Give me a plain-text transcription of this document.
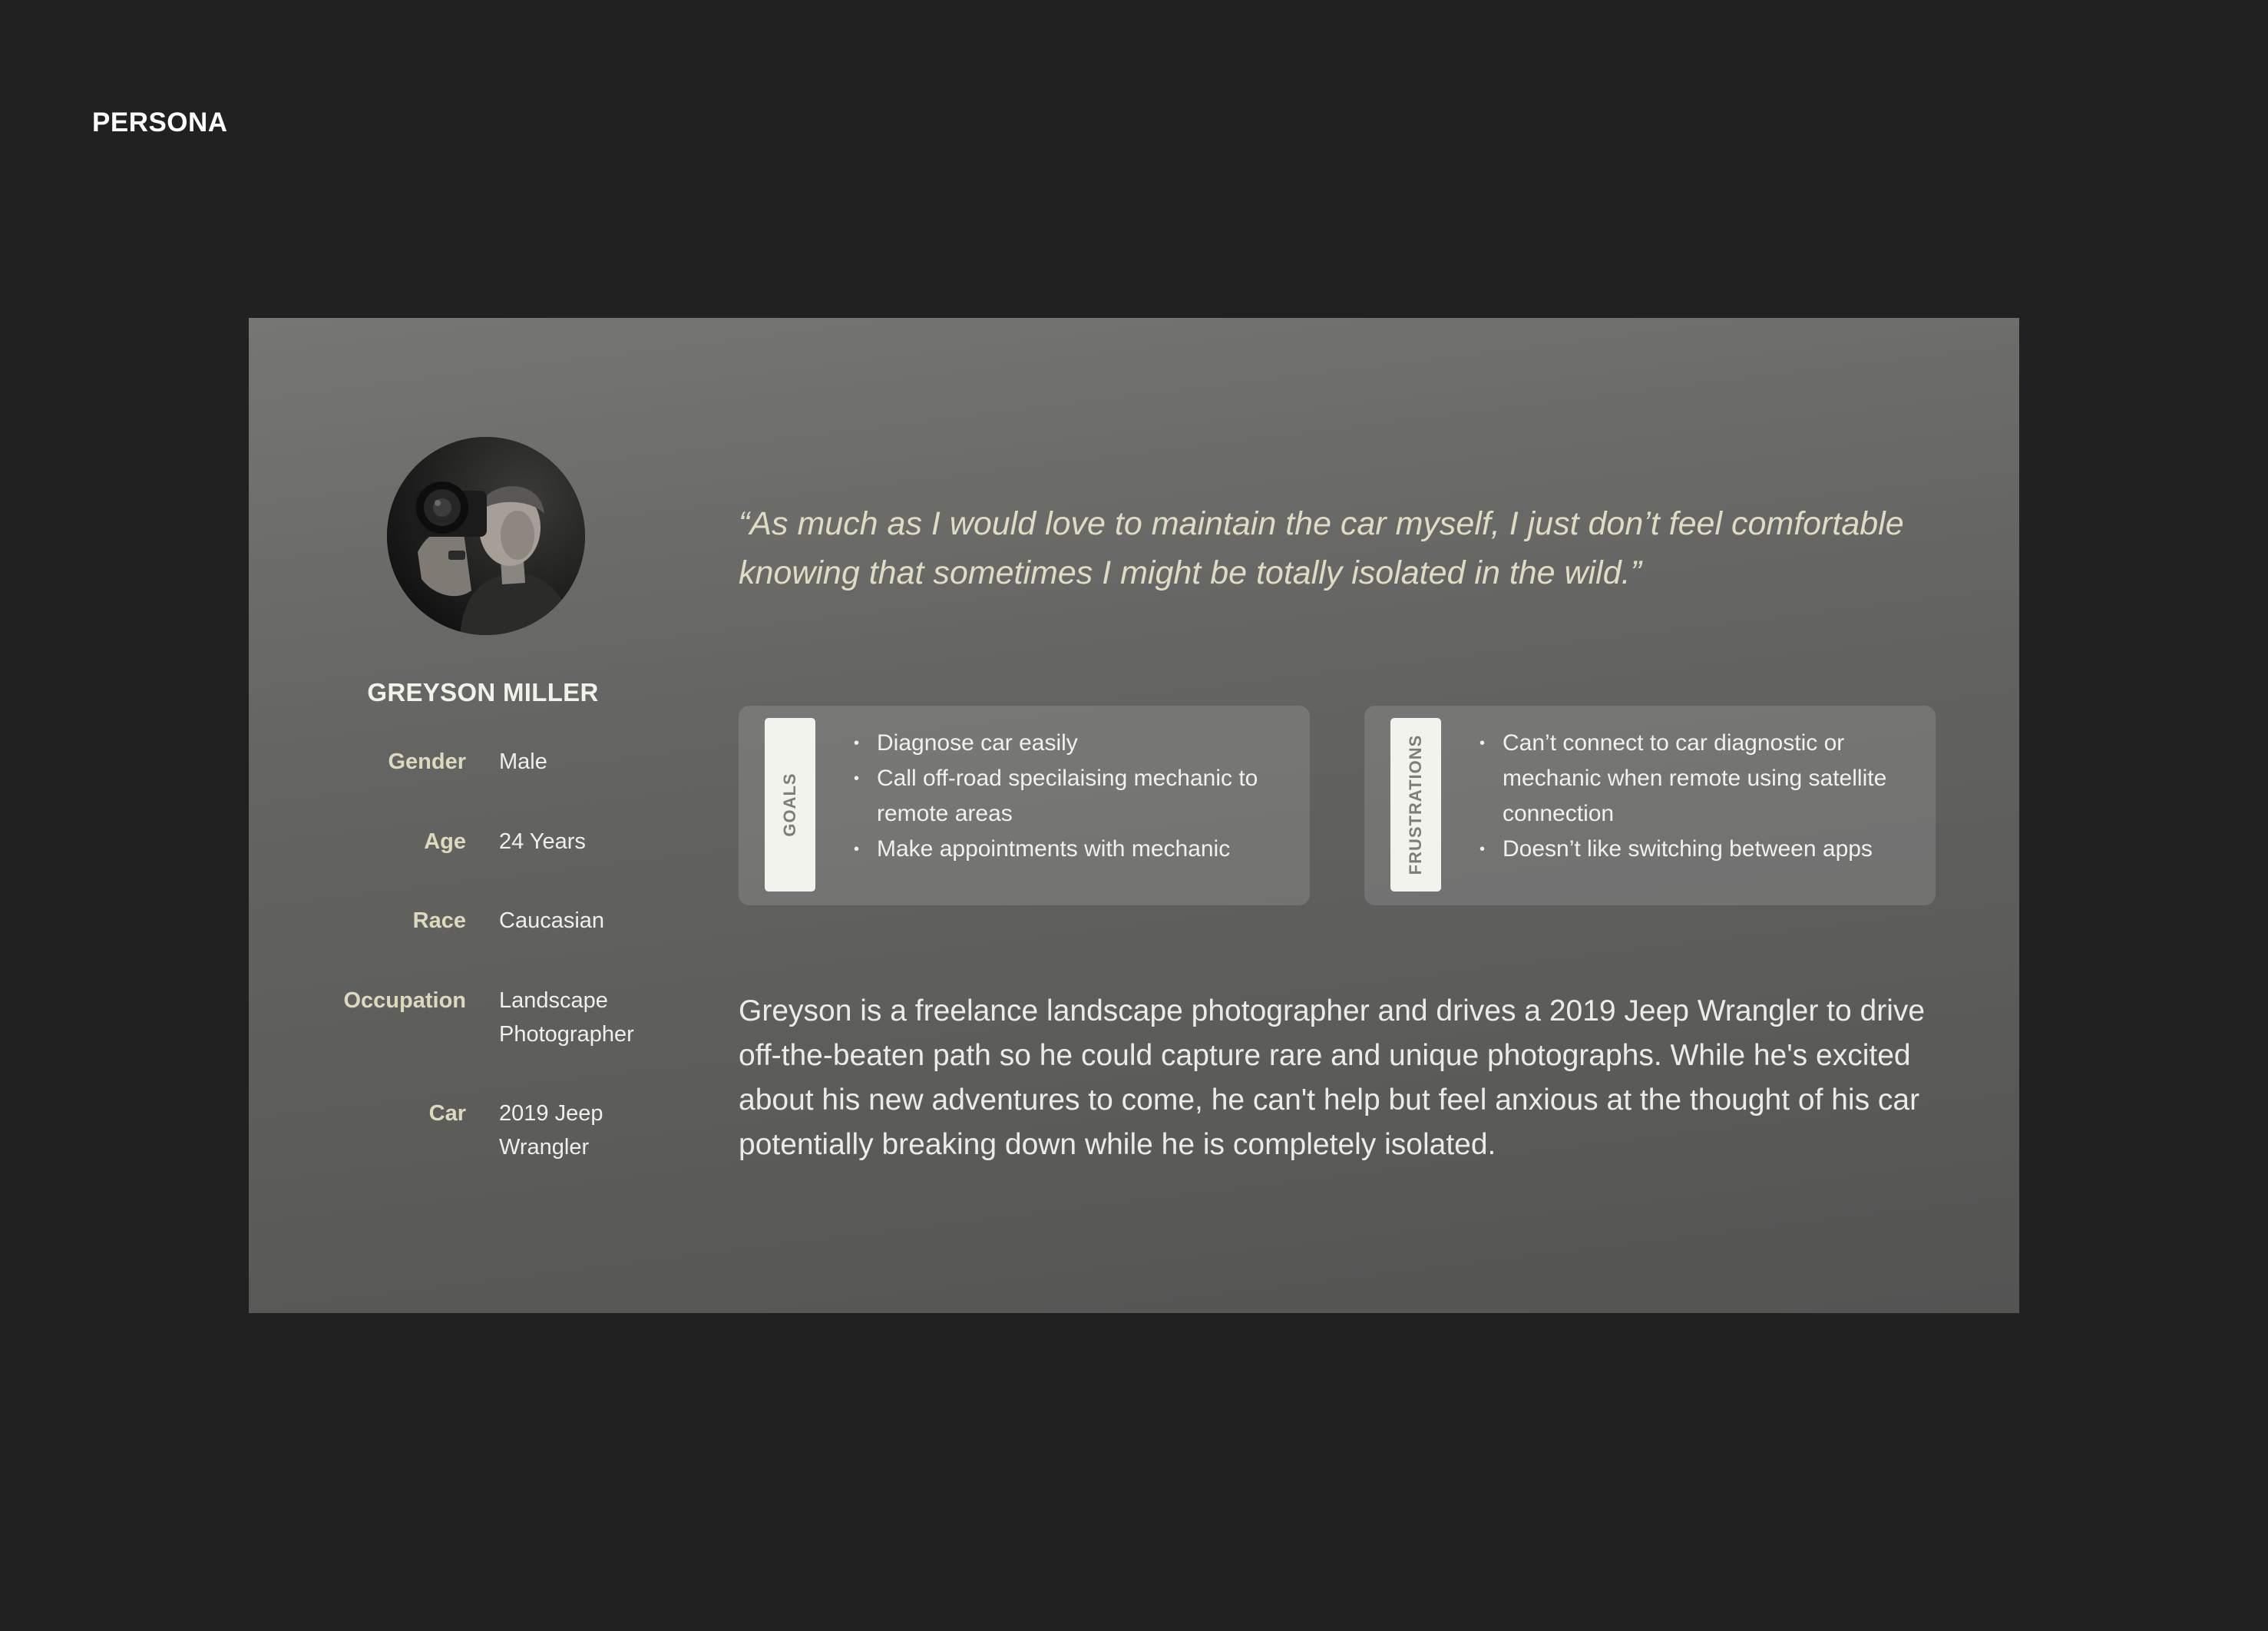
PERSONA
GREYSON MILLER
Gender Male
Age 24 Years
Race Caucasian
Occupation Landscape Photographer
Car 2019 Jeep Wrangler
“As much as I would love to maintain the car myself, I just don’t feel comfortable knowing that sometimes I might be totally isolated in the wild.”
GOALS
• Diagnose car easily
• Call off-road specilaising mechanic to remote areas
• Make appointments with mechanic	FRUSTRATIONS
•	Can’t connect to car diagnostic or mechanic when remote using satellite connection
• Doesn’t like switching between apps
Greyson is a freelance landscape photographer and drives a 2019 Jeep Wrangler to drive off-the-beaten path so he could capture rare and unique photographs. While he's excited about his new adventures to come, he can't help but feel anxious at the thought of his car potentially breaking down while he is completely isolated.
